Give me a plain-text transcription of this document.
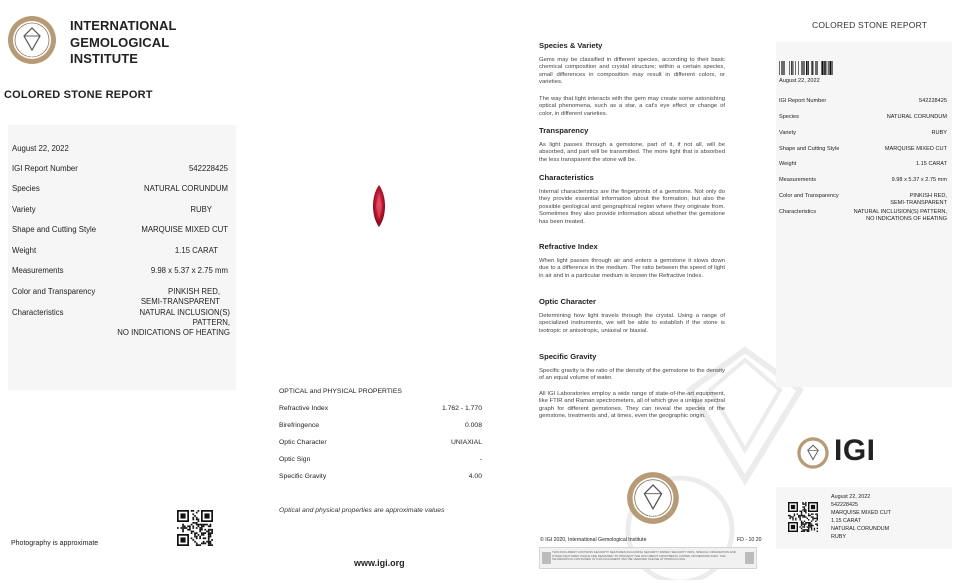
1975
INTERNATIONAL
GEMOLOGICAL
INSTITUTE
COLORED STONE REPORT
August 22, 2022
IGI Report Number	542228425
Species	NATURAL CORUNDUM
Variety	RUBY
Shape and Cutting Style	MARQUISE MIXED CUT
Weight	1.15 CARAT
Measurements	9.98 x 5.37 x 2.75 mm
Color and Transparency	PINKISH RED,
SEMI-TRANSPARENT
Characteristics	NATURAL INCLUSION(S)
PATTERN,
NO INDICATIONS OF HEATING
Photography is approximate
OPTICAL and PHYSICAL PROPERTIES
Refractive Index	1.762 - 1.770
Birefringence	0.008
Optic Character	UNIAXIAL
Optic Sign	-
Specific Gravity	4.00
Optical and physical properties are approximate values
www.igi.org
Species & Variety
Gems may be classified in different species, according to their basic chemical composition and crystal structure; within a certain species, small differences in composition may result in different colors, or varieties.
The way that light interacts with the gem may create some astonishing optical phenomena, such as a star, a cat's eye effect or change of color, in different varieties.
Transparency
As light passes through a gemstone, part of it, if not all, will be absorbed, and part will be transmitted. The more light that is absorbed the less transparent the stone will be.
Characteristics
Internal characteristics are the fingerprints of a gemstone. Not only do they provide essential information about the formation, but also the possible geological and geographical region where they originate from. Sometimes they also provide information about whether the gemstone has been treated.
Refractive Index
When light passes through air and enters a gemstone it slows down due to a difference in the medium. The ratio between the speed of light in air and in a particular medium is known the Refractive Index.
Optic Character
Determining how light travels through the crystal. Using a range of specialized instruments, we will be able to establish if the stone is isotropic or anisotropic, uniaxial or biaxial.
Specific Gravity
Specific gravity is the ratio of the density of the gemstone to the density of an equal volume of water.
All IGI Laboratories employ a wide range of state-of-the-art equipment, like FTIR and Raman spectrometers, all of which give a unique spectral graph for different gemstones. They can reveal the species of the gemstone, treatments and, at times, even the geographic origin.
1975
© IGI 2020, International Gemological Institute	FD - 10 20
THIS DOCUMENT CONTAINS SECURITY FEATURES INCLUDING SECURITY PAPER, SECURITY INKS, SPECIAL ORIGINATION AND OTHER FEATURES WHICH ARE DESIGNED TO PREVENT THE DOCUMENT FROM BEING COPIED OR REPRODUCED. THE INFORMATION CONTAINED IN THIS DOCUMENT MAY BE VERIFIED ONLINE AT WWW.IGI.ORG.
COLORED STONE REPORT
August 22, 2022
IGI Report Number	542228425
Species	NATURAL CORUNDUM
Variety	RUBY
Shape and Cutting Style	MARQUISE MIXED CUT
Weight	1.15 CARAT
Measurements	9.98 x 5.37 x 2.75 mm
Color and Transparency	PINKISH RED,
SEMI-TRANSPARENT
Characteristics	NATURAL INCLUSION(S) PATTERN,
NO INDICATIONS OF HEATING
IGI
August 22, 2022
542228425
MARQUISE MIXED CUT
1.15 CARAT
NATURAL CORUNDUM
RUBY
